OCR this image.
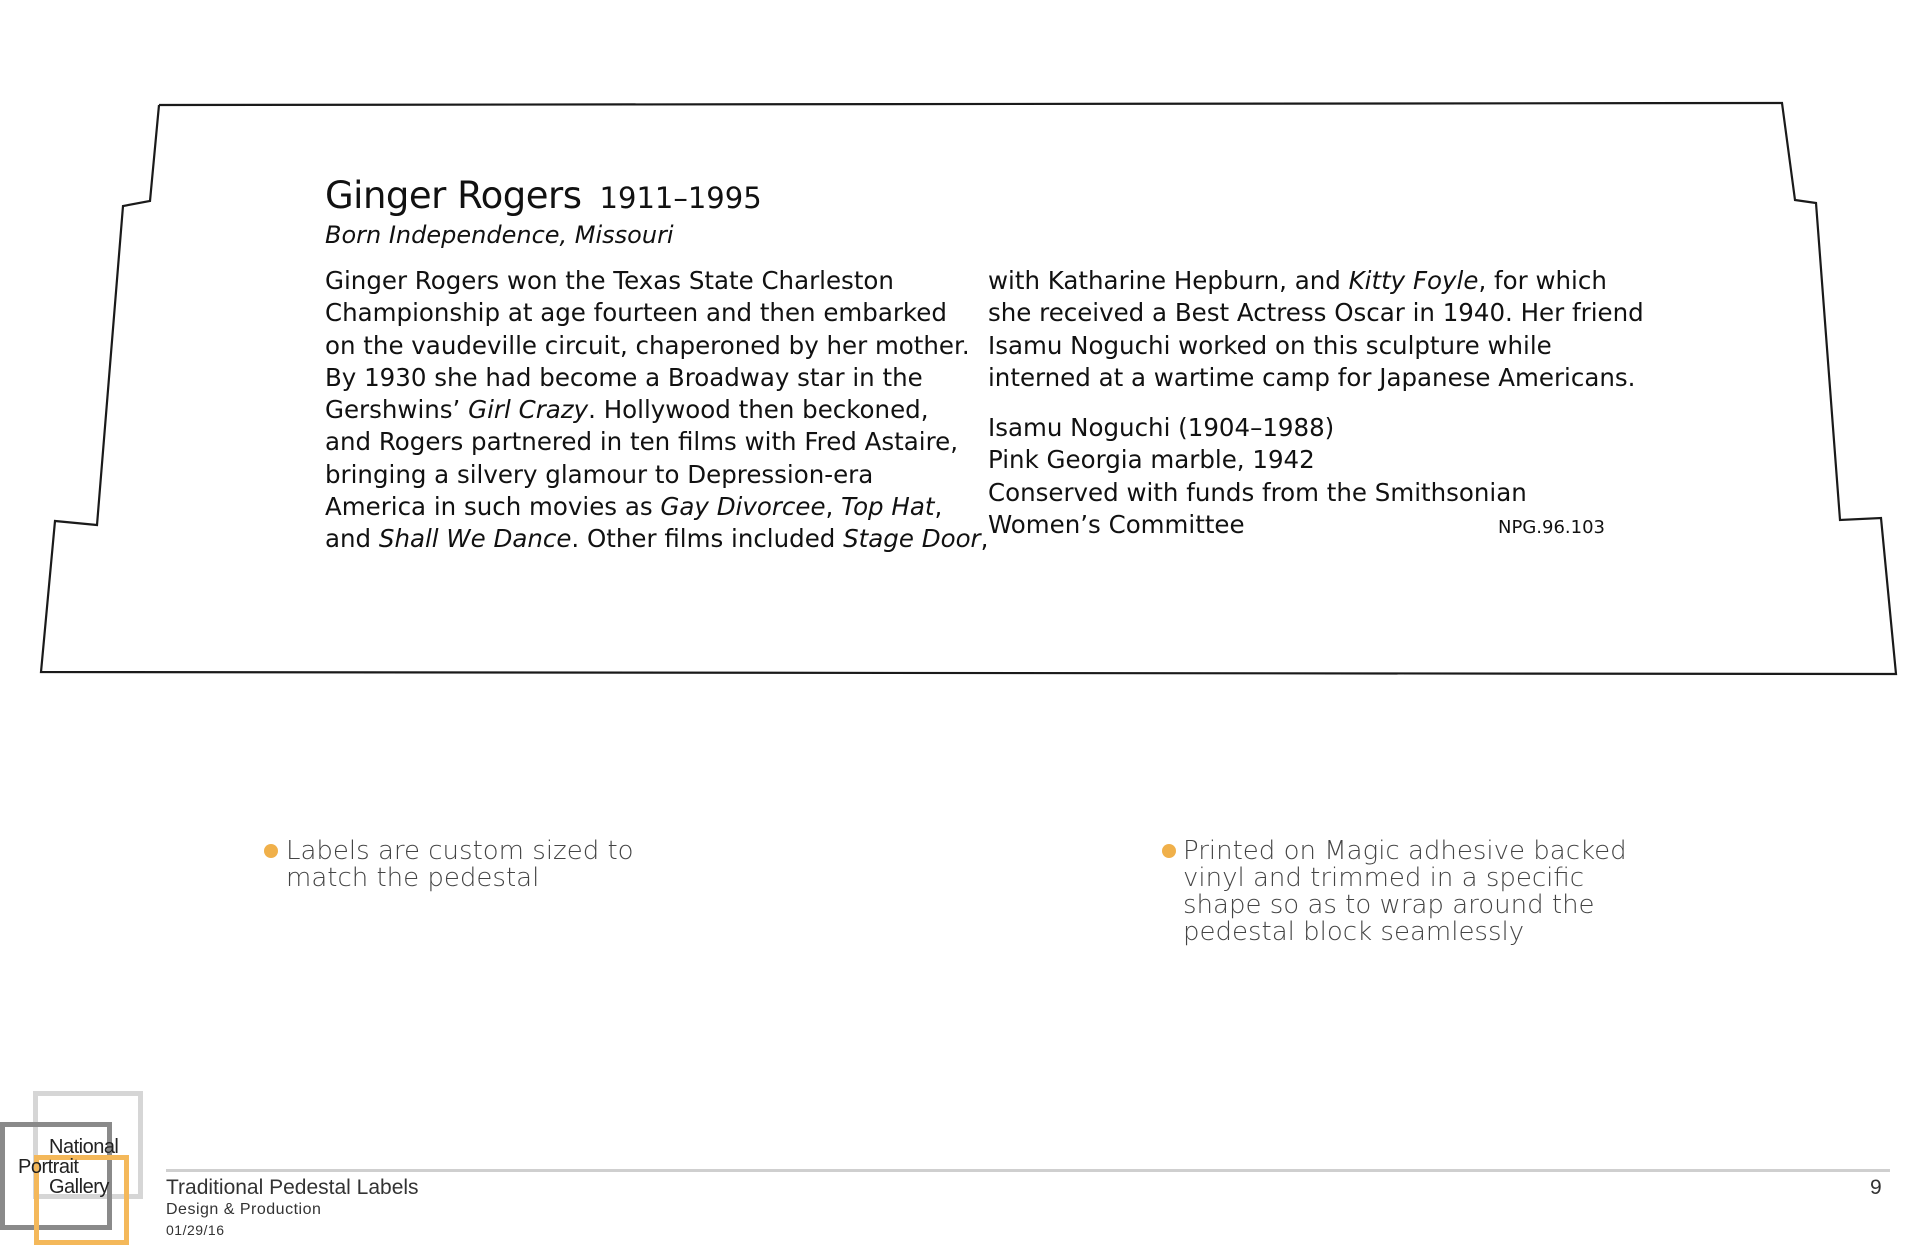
Ginger Rogers 1911–1995
Born Independence, Missouri
Ginger Rogers won the Texas State Charleston
Championship at age fourteen and then embarked
on the vaudeville circuit, chaperoned by her mother.
By 1930 she had become a Broadway star in the
Gershwins’ Girl Crazy. Hollywood then beckoned,
and Rogers partnered in ten films with Fred Astaire,
bringing a silvery glamour to Depression-era
America in such movies as Gay Divorcee, Top Hat,
and Shall We Dance. Other films included Stage Door,
with Katharine Hepburn, and Kitty Foyle, for which
she received a Best Actress Oscar in 1940. Her friend
Isamu Noguchi worked on this sculpture while
interned at a wartime camp for Japanese Americans.
Isamu Noguchi (1904–1988)
Pink Georgia marble, 1942
Conserved with funds from the Smithsonian
Women’s Committee	NPG.96.103
Labels are custom sized to
match the pedestal
Printed on Magic adhesive backed
vinyl and trimmed in a specific
shape so as to wrap around the
pedestal block seamlessly
National
Portrait
Gallery	Traditional Pedestal Labels
Design & Production
01/29/16
9
